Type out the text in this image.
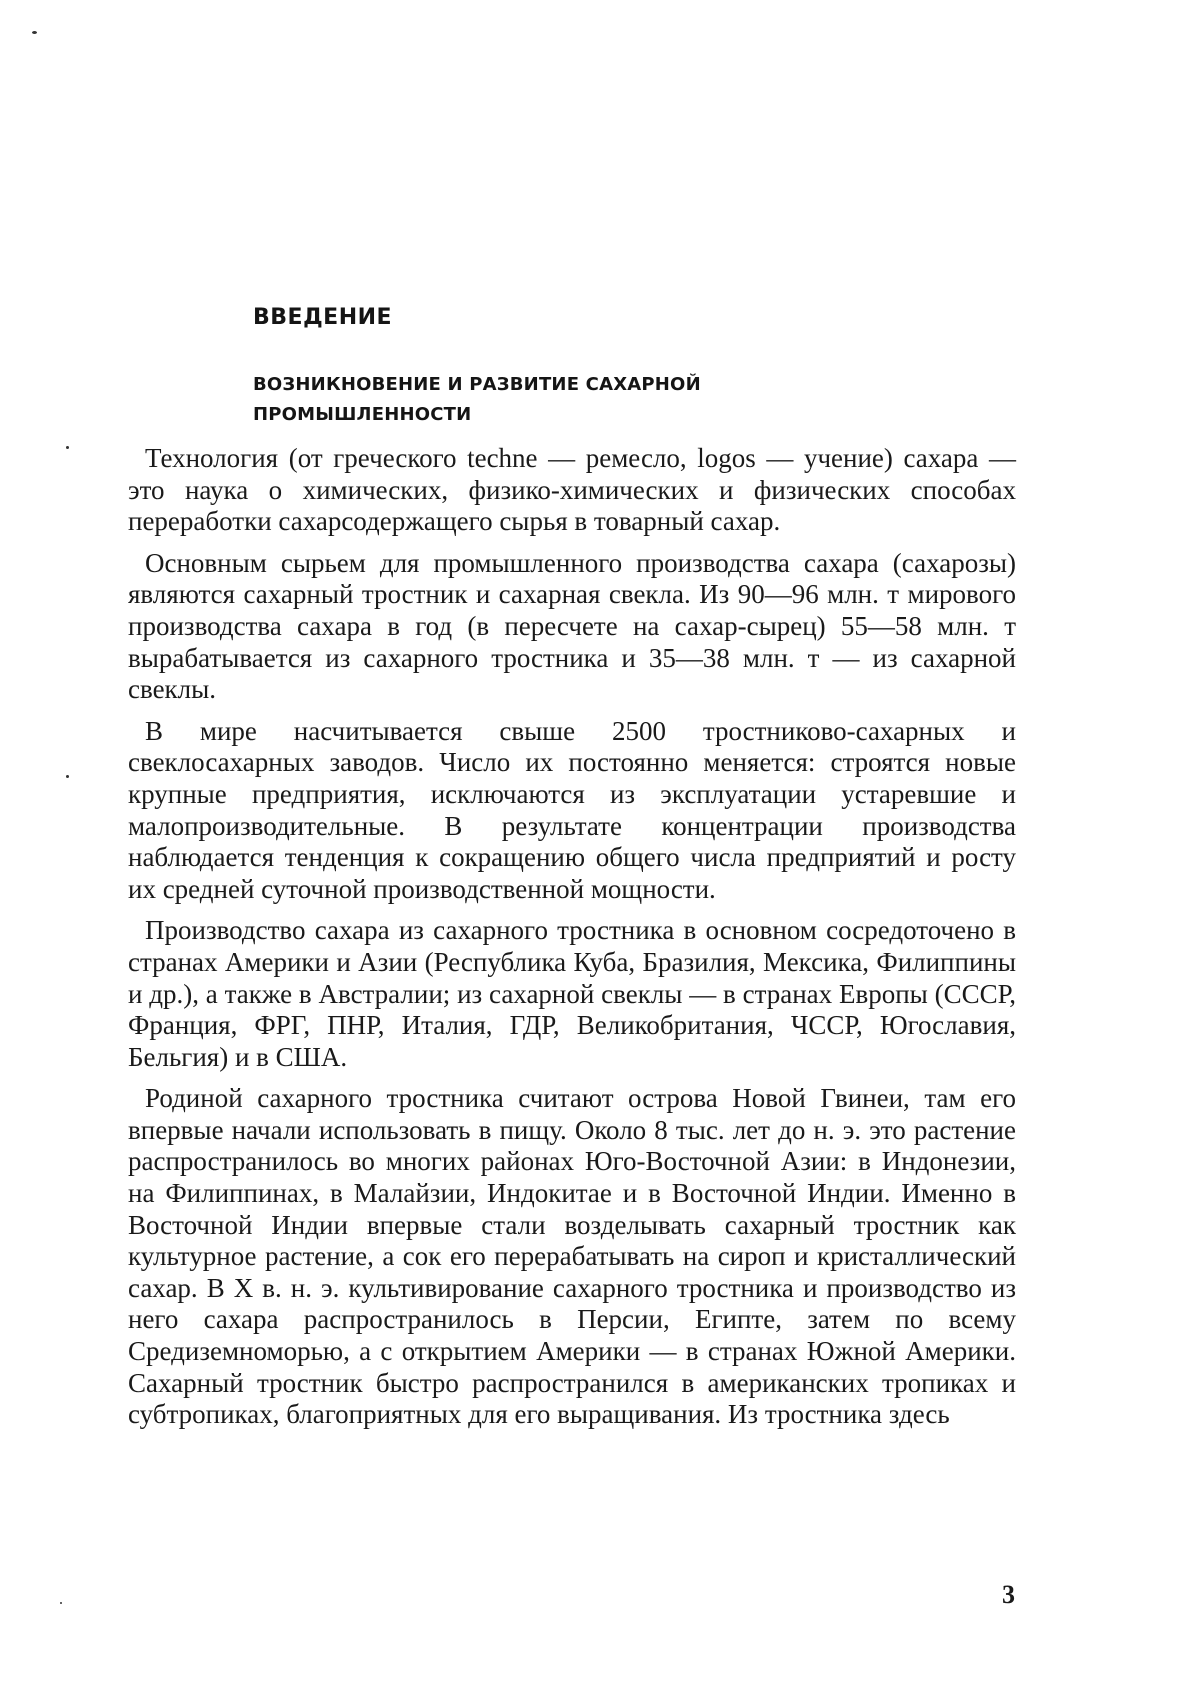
ВВЕДЕНИЕ
ВОЗНИКНОВЕНИЕ И РАЗВИТИЕ САХАРНОЙ ПРОМЫШЛЕННОСТИ

Технология (от греческого techne — ремесло, logos — учение) сахара — это наука о химических, физико-химических и физических способах переработки сахарсодержащего сырья в товарный сахар.

Основным сырьем для промышленного производства сахара (сахарозы) являются сахарный тростник и сахарная свекла. Из 90—96 млн. т мирового производства сахара в год (в пересчете на сахар-сырец) 55—58 млн. т вырабатывается из сахарного тростника и 35—38 млн. т — из сахарной свеклы.

В мире насчитывается свыше 2500 тростниково-сахарных и свеклосахарных заводов. Число их постоянно меняется: строятся новые крупные предприятия, исключаются из эксплуатации устаревшие и малопроизводительные. В результате концентрации производства наблюдается тенденция к сокращению общего числа предприятий и росту их средней суточной производственной мощности.

Производство сахара из сахарного тростника в основном сосредоточено в странах Америки и Азии (Республика Куба, Бразилия, Мексика, Филиппины и др.), а также в Австралии; из сахарной свеклы — в странах Европы (СССР, Франция, ФРГ, ПНР, Италия, ГДР, Великобритания, ЧССР, Югославия, Бельгия) и в США.

Родиной сахарного тростника считают острова Новой Гвинеи, там его впервые начали использовать в пищу. Около 8 тыс. лет до н. э. это растение распространилось во многих районах Юго-Восточной Азии: в Индонезии, на Филиппинах, в Малайзии, Индокитае и в Восточной Индии. Именно в Восточной Индии впервые стали возделывать сахарный тростник как культурное растение, а сок его перерабатывать на сироп и кристаллический сахар. В X в. н. э. культивирование сахарного тростника и производство из него сахара распространилось в Персии, Египте, затем по всему Средиземноморью, а с открытием Америки — в странах Южной Америки. Сахарный тростник быстро распространился в американских тропиках и субтропиках, благоприятных для его выращивания. Из тростника здесь

3
